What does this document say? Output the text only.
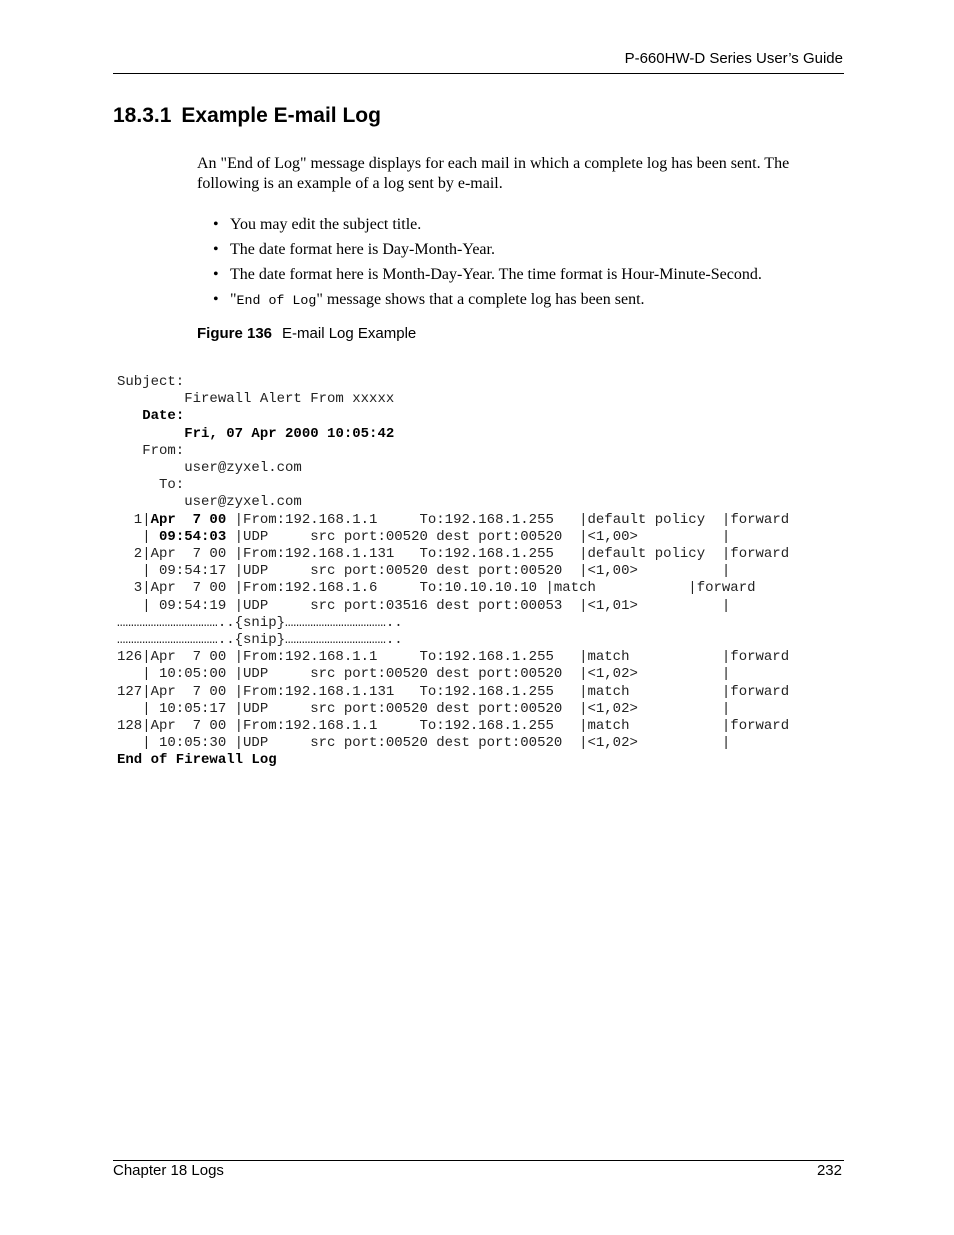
P-660HW-D Series User’s Guide
18.3.1 Example E-mail Log

An "End of Log" message displays for each mail in which a complete log has been sent. The following is an example of a log sent by e-mail.

• You may edit the subject title.
• The date format here is Day-Month-Year.
• The date format here is Month-Day-Year. The time format is Hour-Minute-Second.
• "End of Log" message shows that a complete log has been sent.
Figure 136 E-mail Log Example
Subject:
Firewall Alert From xxxxx
Date:
Fri, 07 Apr 2000 10:05:42
From:
user@zyxel.com
To:
user@zyxel.com
1|Apr  7 00 |From:192.168.1.1     To:192.168.1.255   |default policy  |forward
| 09:54:03 |UDP     src port:00520 dest port:00520  |<1,00>          |
2|Apr  7 00 |From:192.168.1.131   To:192.168.1.255   |default policy  |forward
| 09:54:17 |UDP     src port:00520 dest port:00520  |<1,00>          |
3|Apr  7 00 |From:192.168.1.6     To:10.10.10.10 |match           |forward
| 09:54:19 |UDP     src port:03516 dest port:00053  |<1,01>          |
………………………………..{snip}………………………………..
………………………………..{snip}………………………………..
126|Apr  7 00 |From:192.168.1.1     To:192.168.1.255   |match           |forward
| 10:05:00 |UDP     src port:00520 dest port:00520  |<1,02>          |
127|Apr  7 00 |From:192.168.1.131   To:192.168.1.255   |match           |forward
| 10:05:17 |UDP     src port:00520 dest port:00520  |<1,02>          |
128|Apr  7 00 |From:192.168.1.1     To:192.168.1.255   |match           |forward
| 10:05:30 |UDP     src port:00520 dest port:00520  |<1,02>          |
End of Firewall Log
Chapter 18 Logs	232
